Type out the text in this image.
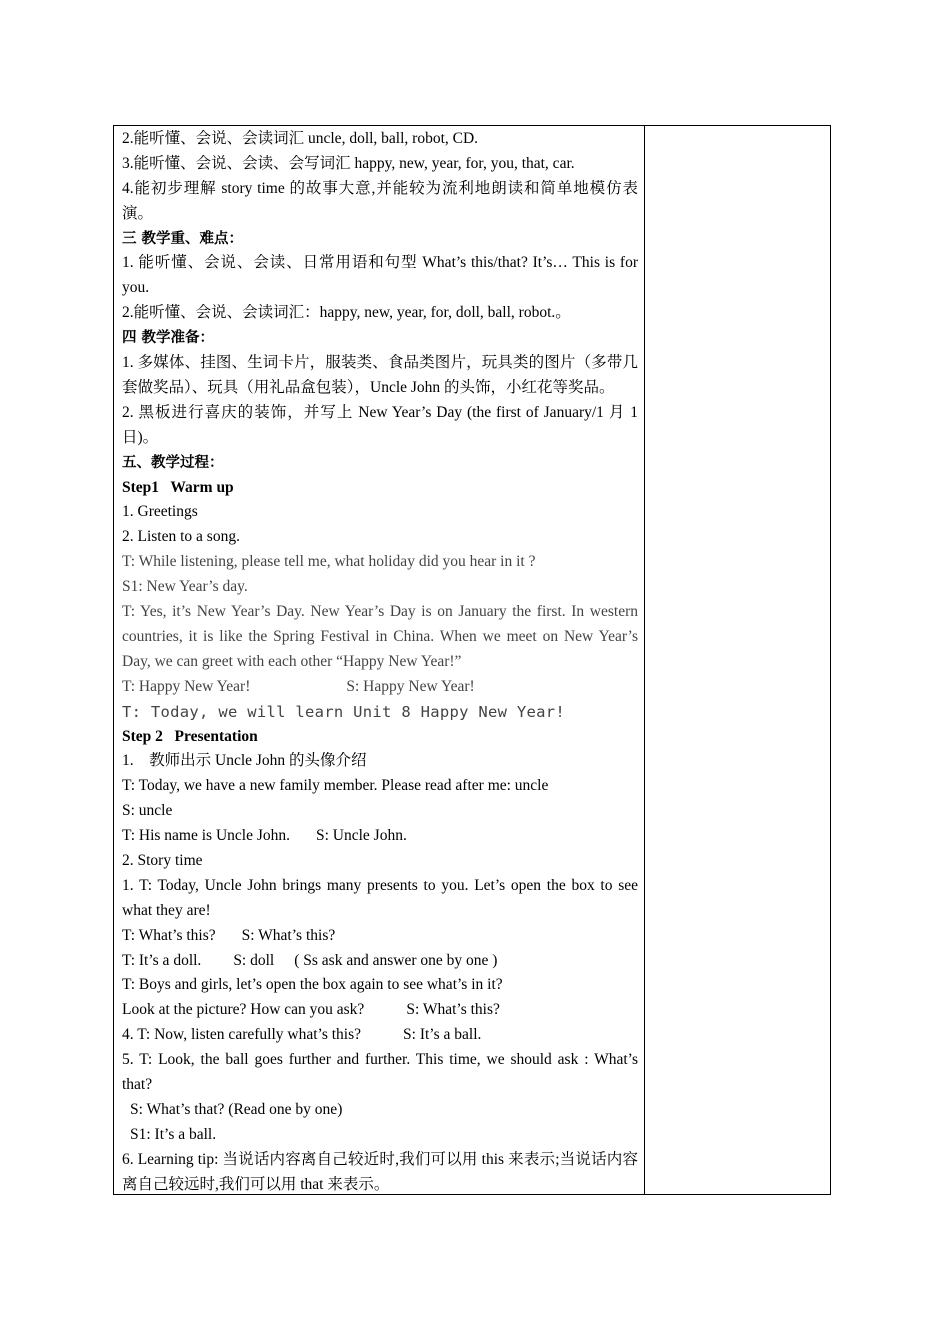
2.能听懂、会说、会读词汇 uncle, doll, ball, robot, CD.
3.能听懂、会说、会读、会写词汇 happy, new, year, for, you, that, car.
4.能初步理解 story time 的故事大意,并能较为流利地朗读和简单地模仿表演。
三 教学重、难点：
1. 能听懂、会说、会读、日常用语和句型 What’s this/that? It’s… This is for you.
2.能听懂、会说、会读词汇：happy, new, year, for, doll, ball, robot.。
四 教学准备：
1. 多媒体、挂图、生词卡片，服装类、食品类图片，玩具类的图片（多带几套做奖品）、玩具（用礼品盒包装），Uncle John 的头饰，小红花等奖品。
2. 黑板进行喜庆的装饰，并写上 New Year’s Day (the first of January/1 月 1 日)。
五、教学过程：
Step1   Warm up
1. Greetings
2. Listen to a song.
T: While listening, please tell me, what holiday did you hear in it ?
S1: New Year’s day.
T: Yes, it’s New Year’s Day. New Year’s Day is on January the first. In western countries, it is like the Spring Festival in China. When we meet on New Year’s Day, we can greet with each other “Happy New Year!”
T: Happy New Year!	S: Happy New Year!
T: Today, we will learn Unit 8 Happy New Year!
Step 2   Presentation
1.    教师出示 Uncle John 的头像介绍
T: Today, we have a new family member. Please read after me: uncle
S: uncle
T: His name is Uncle John. S: Uncle John.
2. Story time
1. T: Today, Uncle John brings many presents to you. Let’s open the box to see what they are!
T: What’s this? S: What’s this?
T: It’s a doll. S: doll ( Ss ask and answer one by one )
T: Boys and girls, let’s open the box again to see what’s in it?
Look at the picture? How can you ask?	S: What’s this?
4. T: Now, listen carefully what’s this?	S: It’s a ball.
5. T: Look, the ball goes further and further. This time, we should ask : What’s that?
S: What’s that? (Read one by one)
S1: It’s a ball.
6. Learning tip: 当说话内容离自己较近时,我们可以用 this 来表示;当说话内容离自己较远时,我们可以用 that 来表示。
